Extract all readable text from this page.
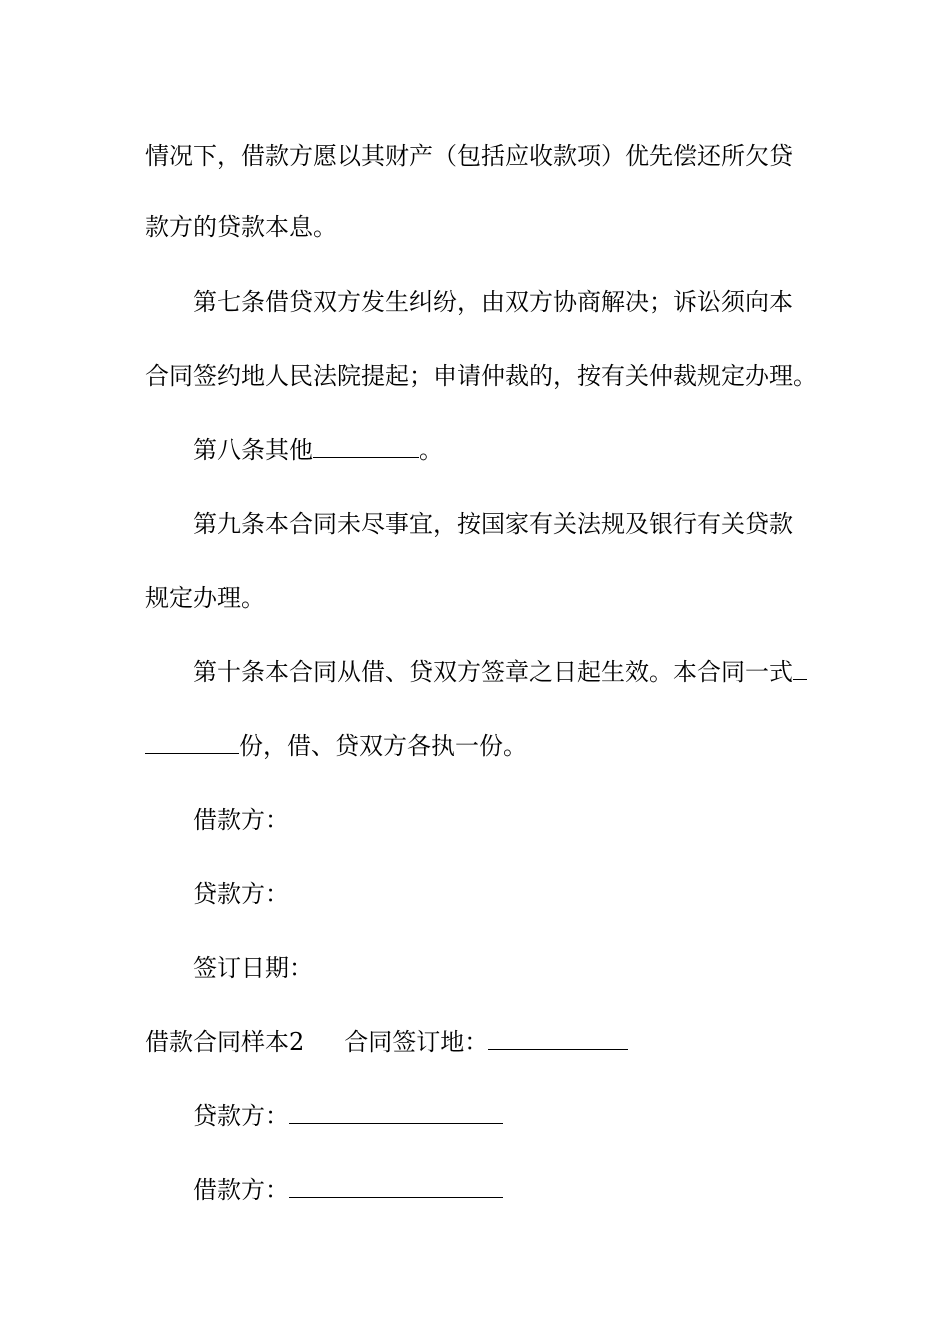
情况下，借款方愿以其财产（包括应收款项）优先偿还所欠贷
款方的贷款本息。
第七条借贷双方发生纠纷，由双方协商解决；诉讼须向本
合同签约地人民法院提起；申请仲裁的，按有关仲裁规定办理。
第八条其他	。
第九条本合同未尽事宜，按国家有关法规及银行有关贷款
规定办理。
第十条本合同从借、贷双方签章之日起生效。本合同一式
份，借、贷双方各执一份。
借款方：
贷款方：
签订日期：
借款合同样本2 合同签订地：
贷款方：
借款方：
